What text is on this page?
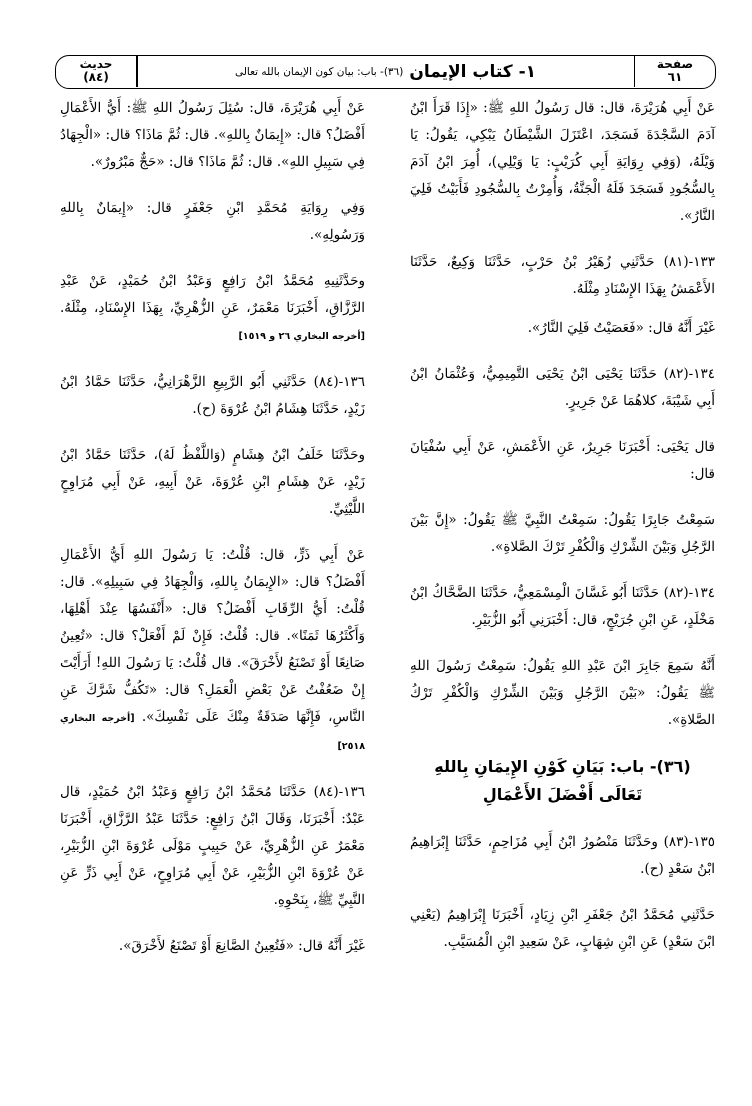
صفحة
٦١
١- كتاب الإيمان
(٣٦)- باب: بيان كون الإيمان بالله تعالى
حديث
(٨٤)

عَنْ أَبِي هُرَيْرَةَ، قال: قال رَسُولُ اللهِ ﷺ: «إِذَا قَرَأَ ابْنُ آدَمَ السَّجْدَةَ فَسَجَدَ، اعْتَزَلَ الشَّيْطَانُ يَبْكِي، يَقُولُ: يَا وَيْلَهُ، (وَفِي رِوَايَةِ أَبِي كُرَيْبٍ: يَا وَيْلِي)، أُمِرَ ابْنُ آدَمَ بِالسُّجُودِ فَسَجَدَ فَلَهُ الْجَنَّةُ، وَأُمِرْتُ بِالسُّجُودِ فَأَبَيْتُ فَلِيَ النَّارُ».

١٣٣-(٨١) حَدَّثَنِي زُهَيْرُ بْنُ حَرْبٍ، حَدَّثَنَا وَكِيعٌ، حَدَّثَنَا الأَعْمَشُ بِهَذَا الإِسْنَادِ مِثْلَهُ.

غَيْرَ أَنَّهُ قال: «فَعَصَيْتُ فَلِيَ النَّارُ».

١٣٤-(٨٢) حَدَّثَنَا يَحْيَى ابْنُ يَحْيَى التَّمِيمِيُّ، وَعُثْمَانُ ابْنُ أَبِي شَيْبَةَ، كلاهُمَا عَنْ جَرِيرٍ.

قال يَحْيَى: أَخْبَرَنَا جَرِيرٌ، عَنِ الأَعْمَشِ، عَنْ أَبِي سُفْيَانَ قال:

سَمِعْتُ جَابِرًا يَقُولُ: سَمِعْتُ النَّبِيَّ ﷺ يَقُولُ: «إِنَّ بَيْنَ الرَّجُلِ وَبَيْنَ الشِّرْكِ وَالْكُفْرِ تَرْكَ الصَّلاةِ».

١٣٤-(٨٢) حَدَّثَنَا أَبُو غَسَّانَ الْمِسْمَعِيُّ، حَدَّثَنَا الضَّحَّاكُ ابْنُ مَخْلَدٍ، عَنِ ابْنِ جُرَيْجٍ، قال: أَخْبَرَنِي أَبُو الزُّبَيْرِ.

أَنَّهُ سَمِعَ جَابِرَ ابْنَ عَبْدِ اللهِ يَقُولُ: سَمِعْتُ رَسُولَ اللهِ ﷺ يَقُولُ: «بَيْنَ الرَّجُلِ وَبَيْنَ الشِّرْكِ وَالْكُفْرِ تَرْكُ الصَّلاةِ».

(٣٦)- باب: بَيَانِ كَوْنِ الإِيمَانِ بِاللهِ تَعَالَى أَفْضَلَ الأَعْمَالِ

١٣٥-(٨٣) وحَدَّثَنَا مَنْصُورُ ابْنُ أَبِي مُزَاحِمٍ، حَدَّثَنَا إِبْرَاهِيمُ ابْنُ سَعْدٍ (ح).

حَدَّثَنِي مُحَمَّدُ ابْنُ جَعْفَرِ ابْنِ زِيَادٍ، أَخْبَرَنَا إِبْرَاهِيمُ (يَعْنِي ابْنَ سَعْدٍ) عَنِ ابْنِ شِهَابٍ، عَنْ سَعِيدِ ابْنِ الْمُسَيَّبِ.

عَنْ أَبِي هُرَيْرَةَ، قال: سُئِلَ رَسُولُ اللهِ ﷺ: أَيُّ الأَعْمَالِ أَفْضَلُ؟ قال: «إِيمَانٌ بِاللهِ». قال: ثُمَّ مَاذَا؟ قال: «الْجِهَادُ فِي سَبِيلِ اللهِ». قال: ثُمَّ مَاذَا؟ قال: «حَجٌّ مَبْرُورٌ».

وَفِي رِوَايَةِ مُحَمَّدِ ابْنِ جَعْفَرٍ قال: «إِيمَانٌ بِاللهِ وَرَسُولِهِ».

وحَدَّثَنِيهِ مُحَمَّدُ ابْنُ رَافِعٍ وَعَبْدُ ابْنُ حُمَيْدٍ، عَنْ عَبْدِ الرَّزَّاقِ، أَخْبَرَنَا مَعْمَرٌ، عَنِ الزُّهْرِيِّ، بِهَذَا الإِسْنَادِ، مِثْلَهُ. [أخرجه البخاري ٢٦ و ١٥١٩]

١٣٦-(٨٤) حَدَّثَنِي أَبُو الرَّبِيعِ الزَّهْرَانِيُّ، حَدَّثَنَا حَمَّادُ ابْنُ زَيْدٍ، حَدَّثَنَا هِشَامُ ابْنُ عُرْوَةَ (ح).

وحَدَّثَنَا خَلَفُ ابْنُ هِشَامٍ (وَاللَّفْظُ لَهُ)، حَدَّثَنَا حَمَّادُ ابْنُ زَيْدٍ، عَنْ هِشَامِ ابْنِ عُرْوَةَ، عَنْ أَبِيهِ، عَنْ أَبِي مُرَاوِحٍ اللَّيْثِيِّ.

عَنْ أَبِي ذَرٍّ، قال: قُلْتُ: يَا رَسُولَ اللهِ أَيُّ الأَعْمَالِ أَفْضَلُ؟ قال: «الإِيمَانُ بِاللهِ، وَالْجِهَادُ فِي سَبِيلِهِ». قال: قُلْتُ: أَيُّ الرِّقَابِ أَفْضَلُ؟ قال: «أَنْفَسُهَا عِنْدَ أَهْلِهَا، وَأَكْثَرُهَا ثَمَنًا». قال: قُلْتُ: فَإِنْ لَمْ أَفْعَلْ؟ قال: «تُعِينُ صَانِعًا أَوْ تَصْنَعُ لأَخْرَقَ». قال قُلْتُ: يَا رَسُولَ اللهِ! أَرَأَيْتَ إِنْ ضَعُفْتُ عَنْ بَعْضِ الْعَمَلِ؟ قال: «تَكُفُّ شَرَّكَ عَنِ النَّاسِ، فَإِنَّهَا صَدَقَةٌ مِنْكَ عَلَى نَفْسِكَ». [أخرجه البخاري ٢٥١٨]

١٣٦-(٨٤) حَدَّثَنَا مُحَمَّدُ ابْنُ رَافِعٍ وَعَبْدُ ابْنُ حُمَيْدٍ، قال عَبْدٌ: أَخْبَرَنَا، وَقَالَ ابْنُ رَافِعٍ: حَدَّثَنَا عَبْدُ الرَّزَّاقِ، أَخْبَرَنَا مَعْمَرٌ عَنِ الزُّهْرِيِّ، عَنْ حَبِيبٍ مَوْلَى عُرْوَةَ ابْنِ الزُّبَيْرِ، عَنْ عُرْوَةَ ابْنِ الزُّبَيْرِ، عَنْ أَبِي مُرَاوِحٍ، عَنْ أَبِي ذَرٍّ عَنِ النَّبِيِّ ﷺ، بِنَحْوِهِ.

غَيْرَ أَنَّهُ قال: «فَتُعِينُ الصَّانِعَ أَوْ تَصْنَعُ لأَخْرَقَ».
